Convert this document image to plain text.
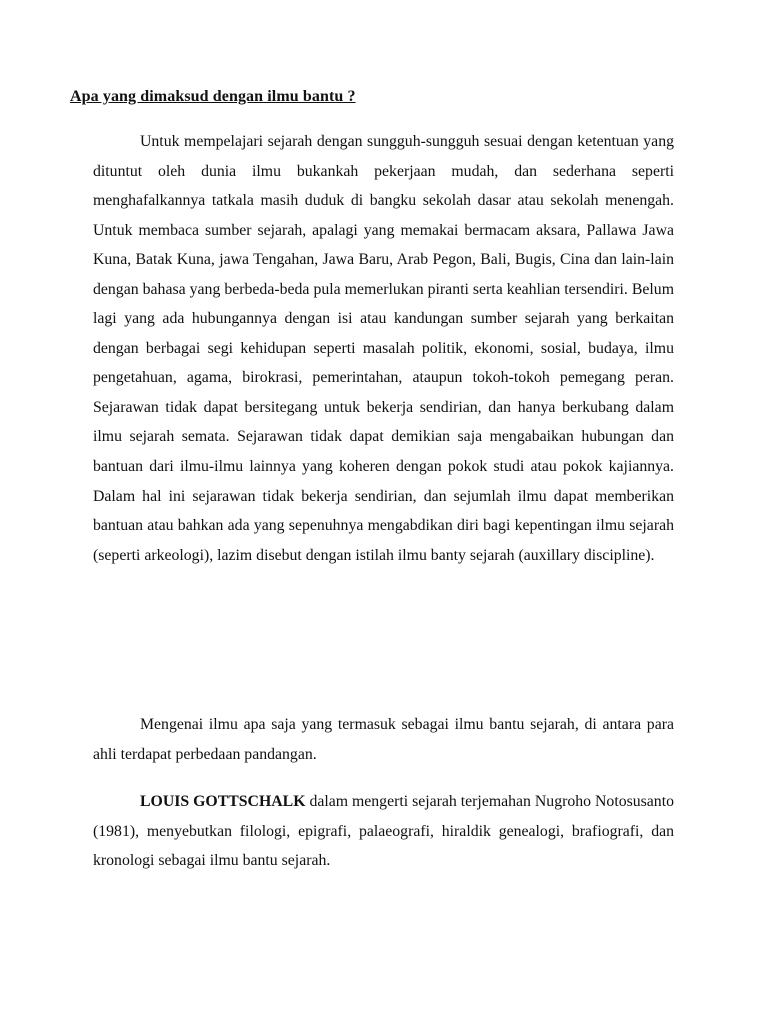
Apa yang dimaksud dengan ilmu bantu ?

Untuk mempelajari sejarah dengan sungguh-sungguh sesuai dengan ketentuan yang dituntut oleh dunia ilmu bukankah pekerjaan mudah, dan sederhana seperti menghafalkannya tatkala masih duduk di bangku sekolah dasar atau sekolah menengah. Untuk membaca sumber sejarah, apalagi yang memakai bermacam aksara, Pallawa Jawa Kuna, Batak Kuna, jawa Tengahan, Jawa Baru, Arab Pegon, Bali, Bugis, Cina dan lain-lain dengan bahasa yang berbeda-beda pula memerlukan piranti serta keahlian tersendiri. Belum lagi yang ada hubungannya dengan isi atau kandungan sumber sejarah yang berkaitan dengan berbagai segi kehidupan seperti masalah politik, ekonomi, sosial, budaya, ilmu pengetahuan, agama, birokrasi, pemerintahan, ataupun tokoh-tokoh pemegang peran. Sejarawan tidak dapat bersitegang untuk bekerja sendirian, dan hanya berkubang dalam ilmu sejarah semata. Sejarawan tidak dapat demikian saja mengabaikan hubungan dan bantuan dari ilmu-ilmu lainnya yang koheren dengan pokok studi atau pokok kajiannya. Dalam hal ini sejarawan tidak bekerja sendirian, dan sejumlah ilmu dapat memberikan bantuan atau bahkan ada yang sepenuhnya mengabdikan diri bagi kepentingan ilmu sejarah (seperti arkeologi), lazim disebut dengan istilah ilmu banty sejarah (auxillary discipline).

Mengenai ilmu apa saja yang termasuk sebagai ilmu bantu sejarah, di antara para ahli terdapat perbedaan pandangan.

LOUIS GOTTSCHALK dalam mengerti sejarah terjemahan Nugroho Notosusanto (1981), menyebutkan filologi, epigrafi, palaeografi, hiraldik genealogi, brafiografi, dan kronologi sebagai ilmu bantu sejarah.
